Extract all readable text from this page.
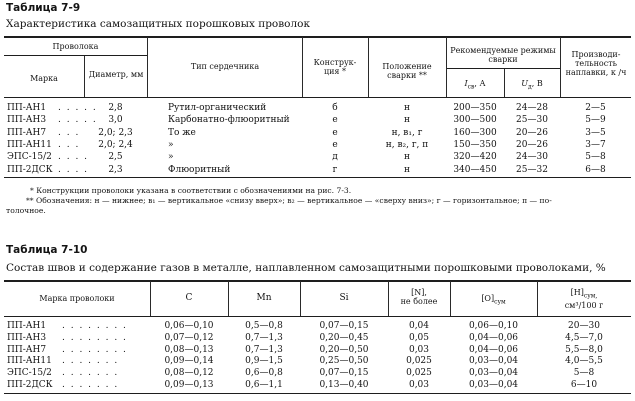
Таблица 7-9
Характеристика самозащитных порошковых проволок
Проволока
Марка	Диаметр, мм
Тип сердечника	Конструк-ция *
Положение сварки **
Рекомендуемые режимы сварки
$I_{св}$, А	$U_д$, В
Производи-тельность наплавки, к /ч
ПП-АН1 . . . . .	2,8	Рутил-органический	б	н	200—350	24—28	2—5
ПП-АН3 . . . . .	3,0	Карбонатно-флюоритный	е	н	300—500	25—30	5—9
ПП-АН7 . . .	2,0; 2,3	То же	е	н, в₁, г	160—300	20—26	3—5
ПП-АН11 . . .	2,0; 2,4	»	е	н, в₂, г, п	150—350	20—26	3—7
ЭПС-15/2 . . . .	2,5	»	д	н	320—420	24—30	5—8
ПП-2ДСК . . . .	2,3	Флюоритный	г	н	340—450	25—32	6—8
* Конструкции проволоки указана в соответствии с обозначениями на рис. 7-3.
** Обозначения: н — нижнее; в₁ — вертикальное «снизу вверх»; в₂ — вертикальное — «сверху вниз»; г — горизонтальное; п — по-
толочное.
Таблица 7-10
Состав швов и содержание газов в металле, наплавленном самозащитными порошковыми проволоками, %
Марка проволоки	C	Mn	Si
[N],
не более	$[O]_{сум}$
$[H]_{сум,}$
см³/100 г
ПП-АН1 . . . . . . . .	0,06—0,10	0,5—0,8	0,07—0,15	0,04	0,06—0,10	20—30
ПП-АН3 . . . . . . . .	0,07—0,12	0,7—1,3	0,20—0,45	0,05	0,04—0,06	4,5—7,0
ПП-АН7 . . . . . . . .	0,08—0,13	0,7—1,3	0,20—0,50	0,03	0,04—0,06	5,5—8,0
ПП-АН11 . . . . . . .	0,09—0,14	0,9—1,5	0,25—0,50	0,025	0,03—0,04	4,0—5,5
ЭПС-15/2 . . . . . . .	0,08—0,12	0,6—0,8	0,07—0,15	0,025	0,03—0,04	5—8
ПП-2ДСК . . . . . . .	0,09—0,13	0,6—1,1	0,13—0,40	0,03	0,03—0,04	6—10
